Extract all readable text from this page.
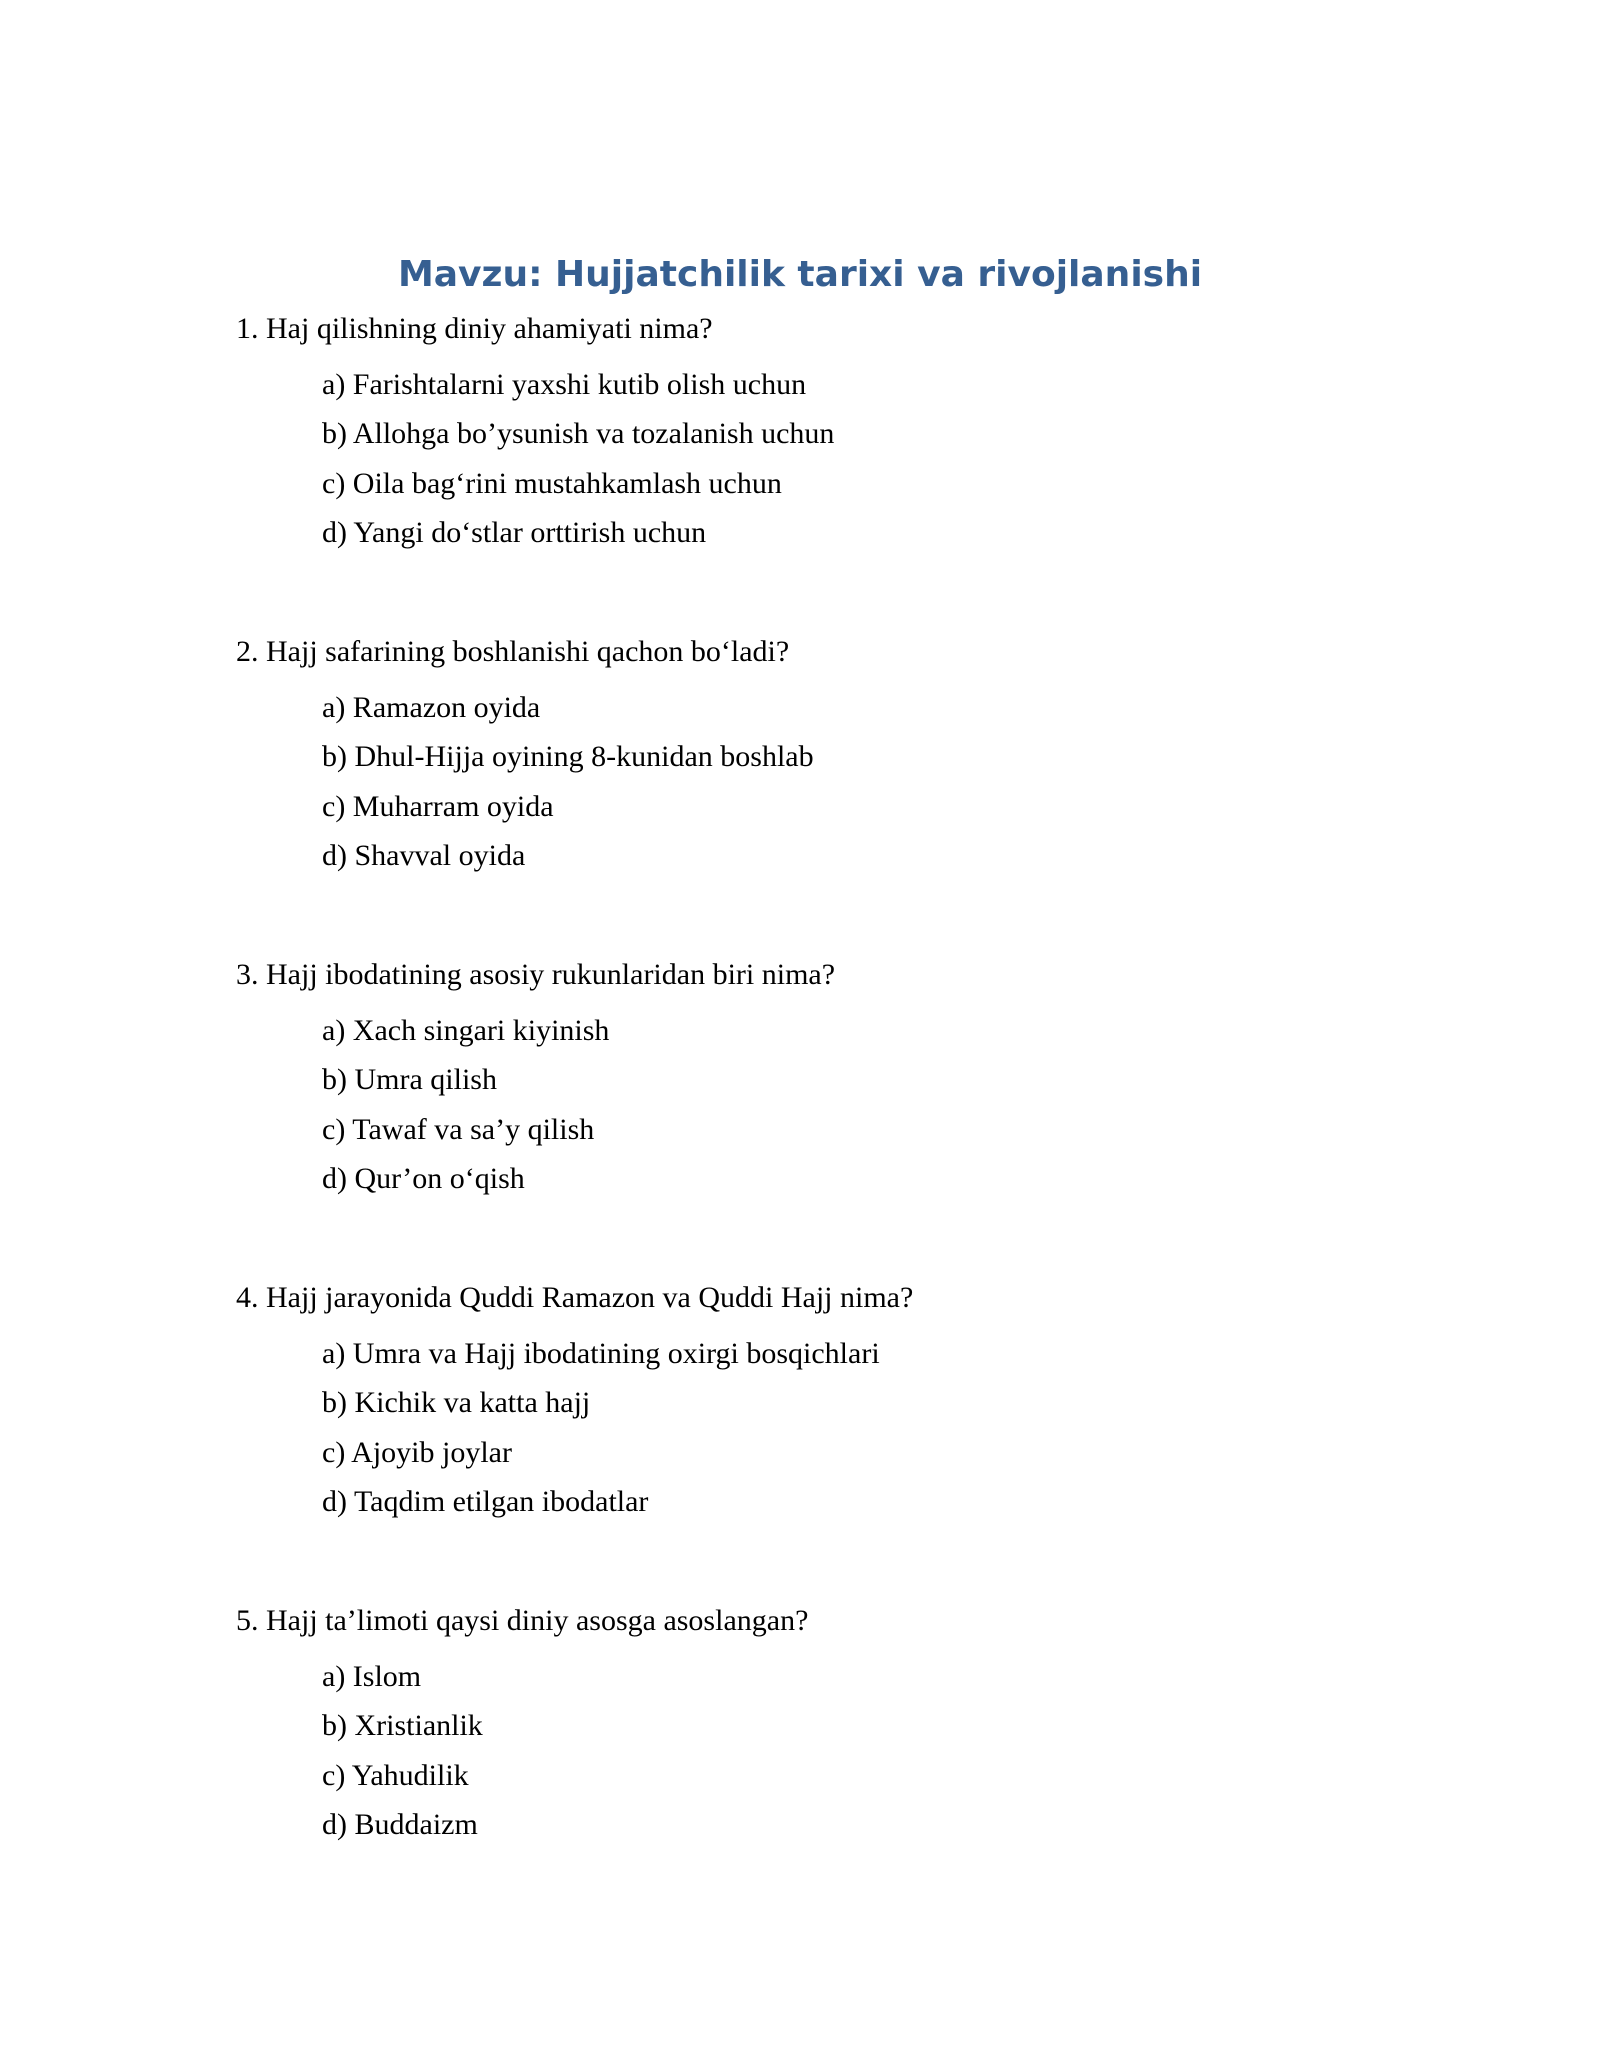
Mavzu: Hujjatchilik tarixi va rivojlanishi

1. Haj qilishning diniy ahamiyati nima?

a) Farishtalarni yaxshi kutib olish uchun
b) Allohga bo’ysunish va tozalanish uchun
c) Oila bag‘rini mustahkamlash uchun
d) Yangi do‘stlar orttirish uchun

2. Hajj safarining boshlanishi qachon bo‘ladi?

a) Ramazon oyida
b) Dhul-Hijja oyining 8-kunidan boshlab
c) Muharram oyida
d) Shavval oyida

3. Hajj ibodatining asosiy rukunlaridan biri nima?

a) Xach singari kiyinish
b) Umra qilish
c) Tawaf va sa’y qilish
d) Qur’on o‘qish

4. Hajj jarayonida Quddi Ramazon va Quddi Hajj nima?

a) Umra va Hajj ibodatining oxirgi bosqichlari
b) Kichik va katta hajj
c) Ajoyib joylar
d) Taqdim etilgan ibodatlar

5. Hajj ta’limoti qaysi diniy asosga asoslangan?

a) Islom
b) Xristianlik
c) Yahudilik
d) Buddaizm
